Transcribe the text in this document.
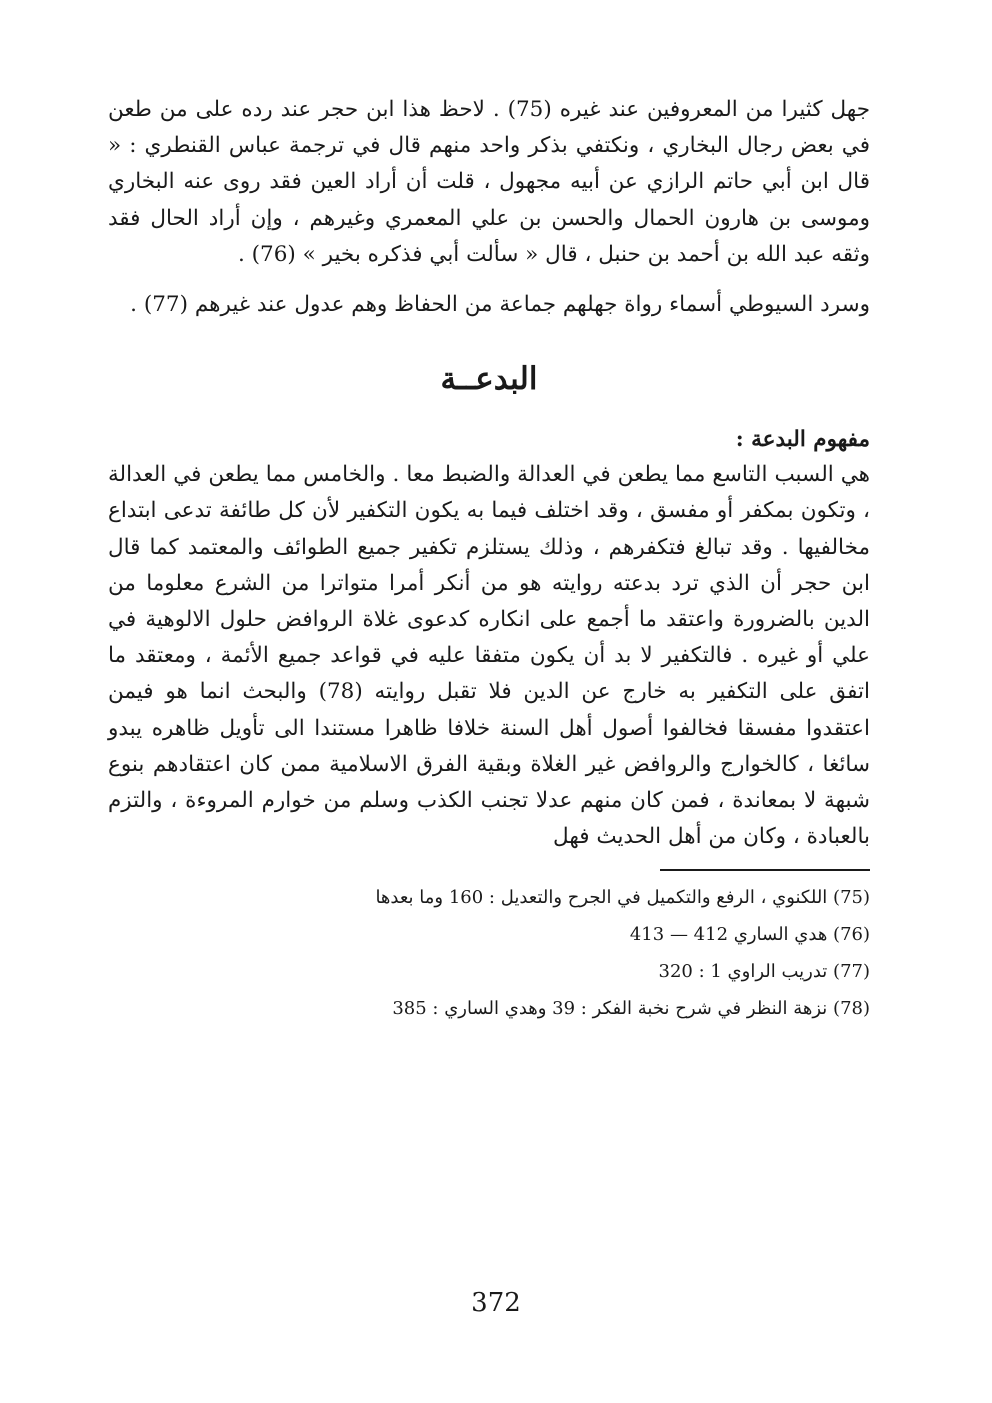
جهل كثيرا من المعروفين عند غيره (75) . لاحظ هذا ابن حجر عند رده على من طعن في بعض رجال البخاري ، ونكتفي بذكر واحد منهم قال في ترجمة عباس القنطري : « قال ابن أبي حاتم الرازي عن أبيه مجهول ، قلت أن أراد العين فقد روى عنه البخاري وموسى بن هارون الحمال والحسن بن علي المعمري وغيرهم ، وإن أراد الحال فقد وثقه عبد الله بن أحمد بن حنبل ، قال « سألت أبي فذكره بخير » (76) .

وسرد السيوطي أسماء رواة جهلهم جماعة من الحفاظ وهم عدول عند غيرهم (77) .

البدعــة

مفهوم البدعة :

هي السبب التاسع مما يطعن في العدالة والضبط معا . والخامس مما يطعن في العدالة ، وتكون بمكفر أو مفسق ، وقد اختلف فيما به يكون التكفير لأن كل طائفة تدعى ابتداع مخالفيها . وقد تبالغ فتكفرهم ، وذلك يستلزم تكفير جميع الطوائف والمعتمد كما قال ابن حجر أن الذي ترد بدعته روايته هو من أنكر أمرا متواترا من الشرع معلوما من الدين بالضرورة واعتقد ما أجمع على انكاره كدعوى غلاة الروافض حلول الالوهية في علي أو غيره . فالتكفير لا بد أن يكون متفقا عليه في قواعد جميع الأئمة ، ومعتقد ما اتفق على التكفير به خارج عن الدين فلا تقبل روايته (78) والبحث انما هو فيمن اعتقدوا مفسقا فخالفوا أصول أهل السنة خلافا ظاهرا مستندا الى تأويل ظاهره يبدو سائغا ، كالخوارج والروافض غير الغلاة وبقية الفرق الاسلامية ممن كان اعتقادهم بنوع شبهة لا بمعاندة ، فمن كان منهم عدلا تجنب الكذب وسلم من خوارم المروءة ، والتزم بالعبادة ، وكان من أهل الحديث فهل

(75) اللكنوي ، الرفع والتكميل في الجرح والتعديل : 160 وما بعدها
(76) هدي الساري 412 — 413
(77) تدريب الراوي 1 : 320
(78) نزهة النظر في شرح نخبة الفكر : 39 وهدي الساري : 385
372
